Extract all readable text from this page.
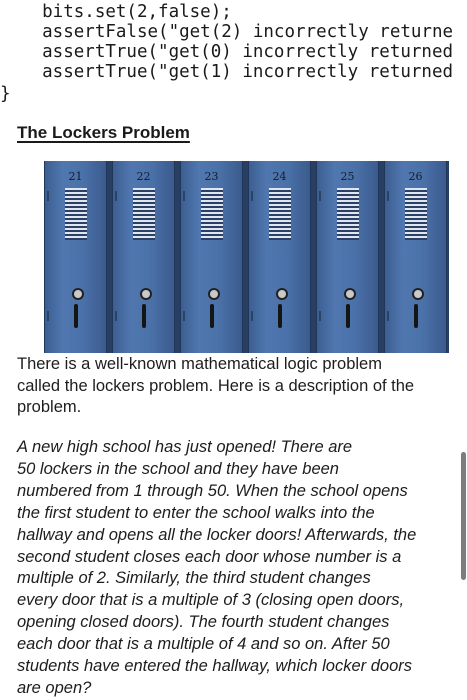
bits.set(2,false);

assertFalse("get(2) incorrectly returne

assertTrue("get(0) incorrectly returned

assertTrue("get(1) incorrectly returned

}

The Lockers Problem
21	22	23	24	25	26
There is a well-known mathematical logic problem
called the lockers problem. Here is a description of the
problem.
A new high school has just opened! There are
50 lockers in the school and they have been
numbered from 1 through 50. When the school opens
the first student to enter the school walks into the
hallway and opens all the locker doors! Afterwards, the
second student closes each door whose number is a
multiple of 2. Similarly, the third student changes
every door that is a multiple of 3 (closing open doors,
opening closed doors). The fourth student changes
each door that is a multiple of 4 and so on. After 50
students have entered the hallway, which locker doors
are open?
